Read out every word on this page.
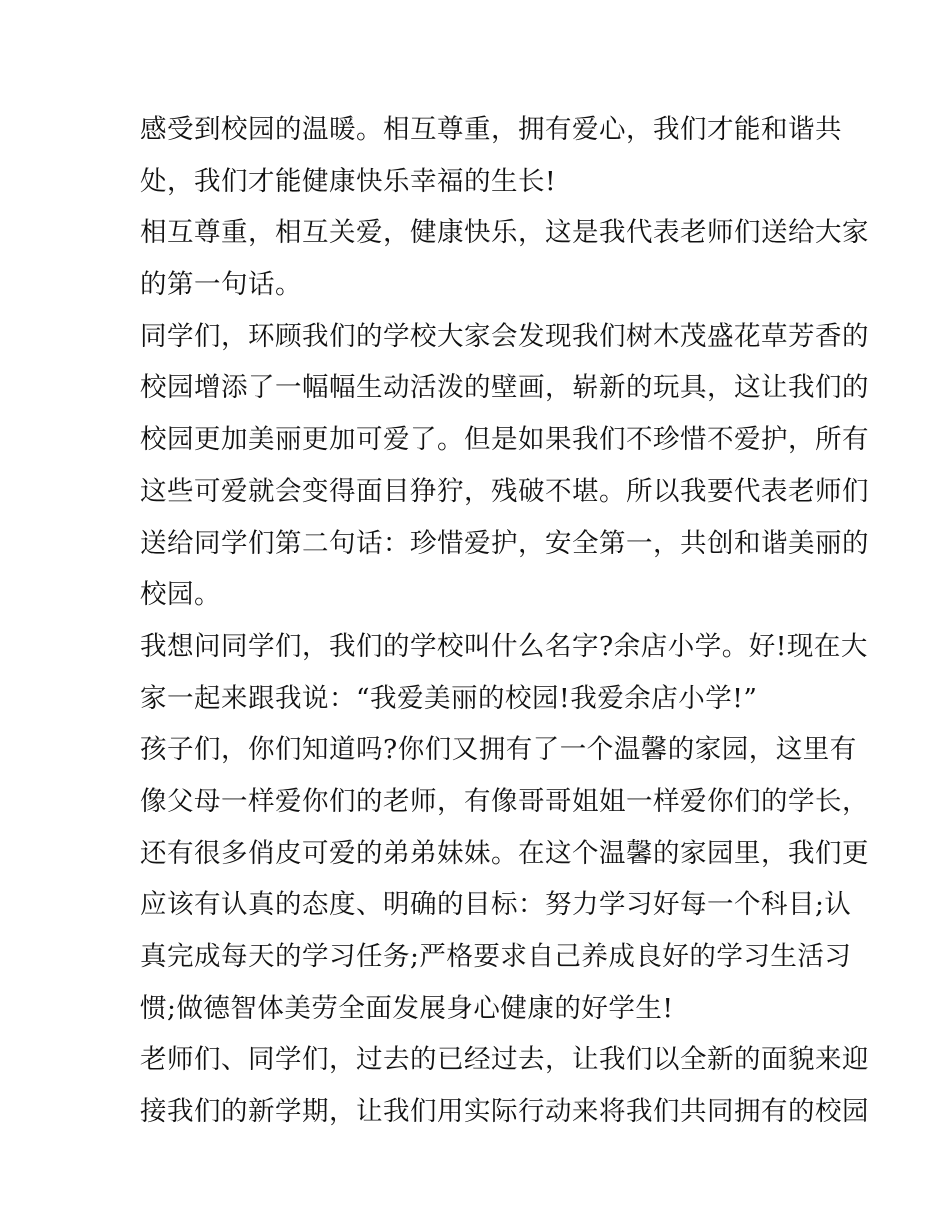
感受到校园的温暖。相互尊重，拥有爱心，我们才能和谐共
处，我们才能健康快乐幸福的生长!
相互尊重，相互关爱，健康快乐，这是我代表老师们送给大家
的第一句话。
同学们，环顾我们的学校大家会发现我们树木茂盛花草芳香的
校园增添了一幅幅生动活泼的壁画，崭新的玩具，这让我们的
校园更加美丽更加可爱了。但是如果我们不珍惜不爱护，所有
这些可爱就会变得面目狰狞，残破不堪。所以我要代表老师们
送给同学们第二句话：珍惜爱护，安全第一，共创和谐美丽的
校园。
我想问同学们，我们的学校叫什么名字?余店小学。好!现在大
家一起来跟我说：“我爱美丽的校园!我爱余店小学!”
孩子们，你们知道吗?你们又拥有了一个温馨的家园，这里有
像父母一样爱你们的老师，有像哥哥姐姐一样爱你们的学长，
还有很多俏皮可爱的弟弟妹妹。在这个温馨的家园里，我们更
应该有认真的态度、明确的目标：努力学习好每一个科目;认
真完成每天的学习任务;严格要求自己养成良好的学习生活习
惯;做德智体美劳全面发展身心健康的好学生!
老师们、同学们，过去的已经过去，让我们以全新的面貌来迎
接我们的新学期，让我们用实际行动来将我们共同拥有的校园
